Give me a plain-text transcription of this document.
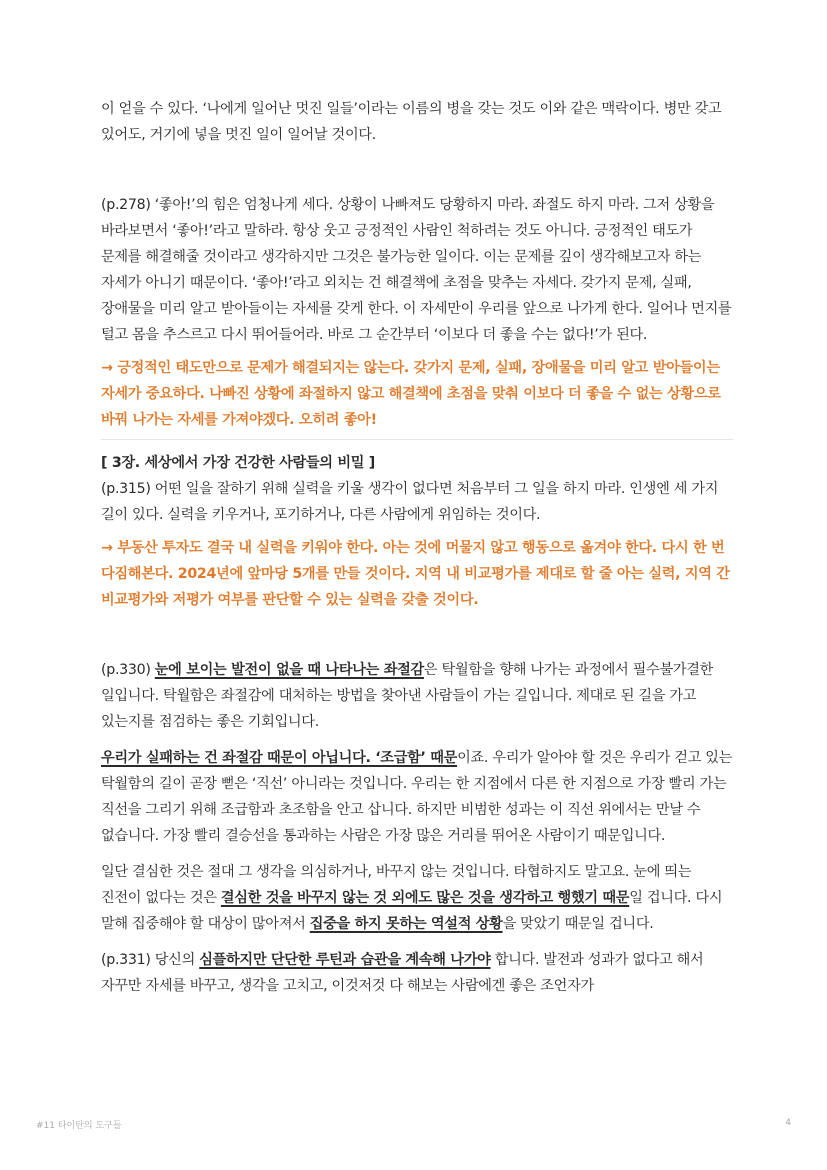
이 얻을 수 있다. ‘나에게 일어난 멋진 일들’이라는 이름의 병을 갖는 것도 이와 같은 맥락이다. 병만 갖고 있어도, 거기에 넣을 멋진 일이 일어날 것이다.

(p.278) ‘좋아!’의 힘은 엄청나게 세다. 상황이 나빠져도 당황하지 마라. 좌절도 하지 마라. 그저 상황을 바라보면서 ‘좋아!’라고 말하라. 항상 웃고 긍정적인 사람인 척하려는 것도 아니다. 긍정적인 태도가 문제를 해결해줄 것이라고 생각하지만 그것은 불가능한 일이다. 이는 문제를 깊이 생각해보고자 하는 자세가 아니기 때문이다. ‘좋아!’라고 외치는 건 해결책에 초점을 맞추는 자세다. 갖가지 문제, 실패, 장애물을 미리 알고 받아들이는 자세를 갖게 한다. 이 자세만이 우리를 앞으로 나가게 한다. 일어나 먼지를 털고 몸을 추스르고 다시 뛰어들어라. 바로 그 순간부터 ‘이보다 더 좋을 수는 없다!’가 된다.

→ 긍정적인 태도만으로 문제가 해결되지는 않는다. 갖가지 문제, 실패, 장애물을 미리 알고 받아들이는 자세가 중요하다. 나빠진 상황에 좌절하지 않고 해결책에 초점을 맞춰 이보다 더 좋을 수 없는 상황으로 바꿔 나가는 자세를 가져야겠다. 오히려 좋아!

[ 3장. 세상에서 가장 건강한 사람들의 비밀 ]

(p.315) 어떤 일을 잘하기 위해 실력을 키울 생각이 없다면 처음부터 그 일을 하지 마라. 인생엔 세 가지 길이 있다. 실력을 키우거나, 포기하거나, 다른 사람에게 위임하는 것이다.

→ 부동산 투자도 결국 내 실력을 키워야 한다. 아는 것에 머물지 않고 행동으로 옮겨야 한다. 다시 한 번 다짐해본다. 2024년에 앞마당 5개를 만들 것이다. 지역 내 비교평가를 제대로 할 줄 아는 실력, 지역 간 비교평가와 저평가 여부를 판단할 수 있는 실력을 갖출 것이다.

(p.330) 눈에 보이는 발전이 없을 때 나타나는 좌절감은 탁월함을 향해 나가는 과정에서 필수불가결한 일입니다. 탁월함은 좌절감에 대처하는 방법을 찾아낸 사람들이 가는 길입니다. 제대로 된 길을 가고 있는지를 점검하는 좋은 기회입니다.

우리가 실패하는 건 좌절감 때문이 아닙니다. ‘조급함’ 때문이죠. 우리가 알아야 할 것은 우리가 걷고 있는 탁월함의 길이 곧장 뻗은 ‘직선’ 아니라는 것입니다. 우리는 한 지점에서 다른 한 지점으로 가장 빨리 가는 직선을 그리기 위해 조급함과 초조함을 안고 삽니다. 하지만 비범한 성과는 이 직선 위에서는 만날 수 없습니다. 가장 빨리 결승선을 통과하는 사람은 가장 많은 거리를 뛰어온 사람이기 때문입니다.

일단 결심한 것은 절대 그 생각을 의심하거나, 바꾸지 않는 것입니다. 타협하지도 말고요. 눈에 띄는 진전이 없다는 것은 결심한 것을 바꾸지 않는 것 외에도 많은 것을 생각하고 행했기 때문일 겁니다. 다시 말해 집중해야 할 대상이 많아져서 집중을 하지 못하는 역설적 상황을 맞았기 때문일 겁니다.

(p.331) 당신의 심플하지만 단단한 루틴과 습관을 계속해 나가야 합니다. 발전과 성과가 없다고 해서 자꾸만 자세를 바꾸고, 생각을 고치고, 이것저것 다 해보는 사람에겐 좋은 조언자가

#11 타이탄의 도구들	4
